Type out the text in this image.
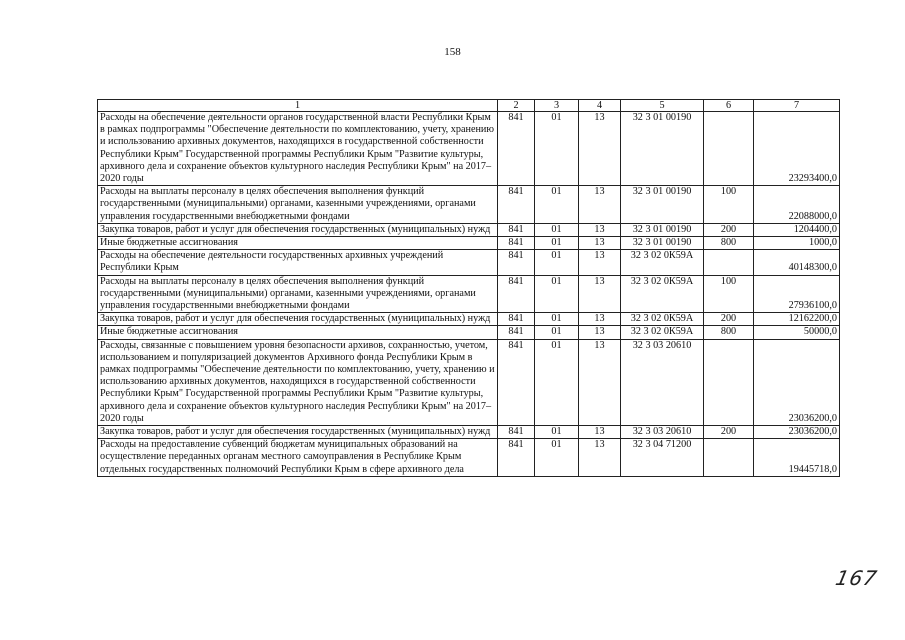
158
1	2	3	4	5	6	7
Расходы на обеспечение деятельности органов государственной власти Республики Крым в рамках подпрограммы "Обеспечение деятельности по комплектованию, учету, хранению и использованию архивных документов, находящихся в государственной собственности Республики Крым" Государственной программы Республики Крым "Развитие культуры, архивного дела и сохранение объектов культурного наследия Республики Крым" на 2017–2020 годы	841	01	13	32 3 01 00190		23293400,0
Расходы на выплаты персоналу в целях обеспечения выполнения функций государственными (муниципальными) органами, казенными учреждениями, органами управления государственными внебюджетными фондами	841	01	13	32 3 01 00190	100	22088000,0
Закупка товаров, работ и услуг для обеспечения государственных (муниципальных) нужд	841	01	13	32 3 01 00190	200	1204400,0
Иные бюджетные ассигнования	841	01	13	32 3 01 00190	800	1000,0
Расходы на обеспечение деятельности государственных архивных учреждений Республики Крым	841	01	13	32 3 02 0К59А		40148300,0
Расходы на выплаты персоналу в целях обеспечения выполнения функций государственными (муниципальными) органами, казенными учреждениями, органами управления государственными внебюджетными фондами	841	01	13	32 3 02 0К59А	100	27936100,0
Закупка товаров, работ и услуг для обеспечения государственных (муниципальных) нужд	841	01	13	32 3 02 0К59А	200	12162200,0
Иные бюджетные ассигнования	841	01	13	32 3 02 0К59А	800	50000,0
Расходы, связанные с повышением уровня безопасности архивов, сохранностью, учетом, использованием и популяризацией документов Архивного фонда Республики Крым в рамках подпрограммы "Обеспечение деятельности по комплектованию, учету, хранению и использованию архивных документов, находящихся в государственной собственности Республики Крым" Государственной программы Республики Крым "Развитие культуры, архивного дела и сохранение объектов культурного наследия Республики Крым" на 2017–2020 годы	841	01	13	32 3 03 20610		23036200,0
Закупка товаров, работ и услуг для обеспечения государственных (муниципальных) нужд	841	01	13	32 3 03 20610	200	23036200,0
Расходы на предоставление субвенций бюджетам муниципальных образований на осуществление переданных органам местного самоуправления в Республике Крым отдельных государственных полномочий Республики Крым в сфере архивного дела	841	01	13	32 3 04 71200		19445718,0
167
